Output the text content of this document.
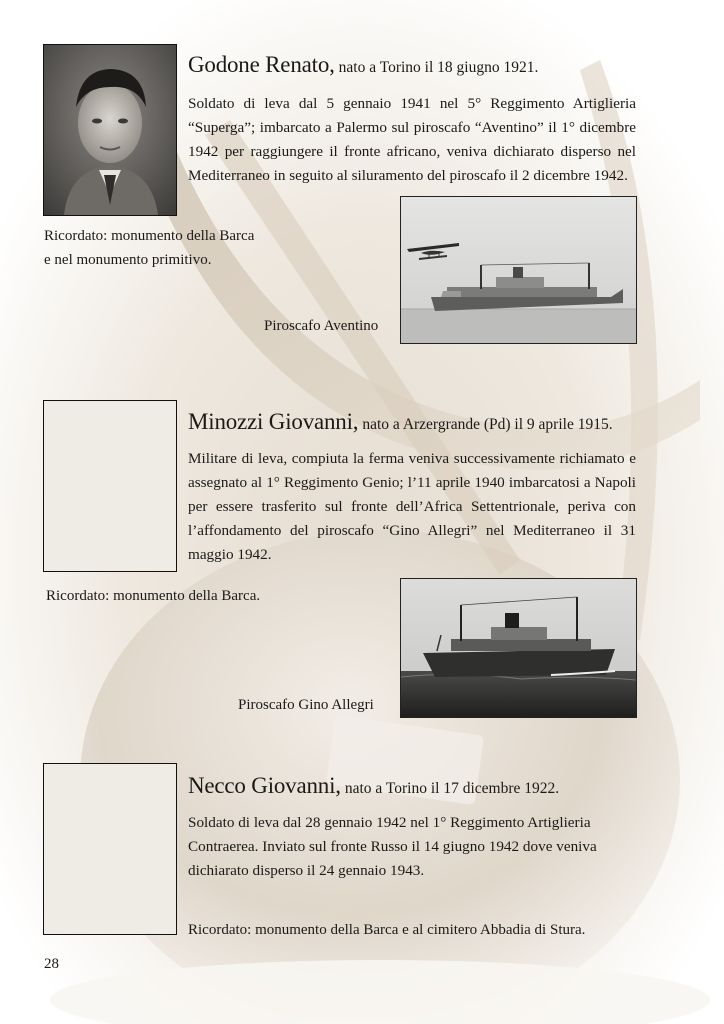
Godone Renato, nato a Torino il 18 giugno 1921.
Soldato di leva dal 5 gennaio 1941 nel 5° Reggimento Artiglieria “Superga”; imbarcato a Palermo sul piroscafo “Aventino” il 1° dicembre 1942 per raggiungere il fronte africano, veniva dichiarato disperso nel Mediterraneo in seguito al siluramento del piroscafo il 2 dicembre 1942.
Ricordato: monumento della Barca
e nel monumento primitivo.
Piroscafo Aventino
Minozzi Giovanni, nato a Arzergrande (Pd) il 9 aprile 1915.
Militare di leva, compiuta la ferma veniva successivamente richiamato e assegnato al 1° Reggimento Genio; l’11 aprile 1940 imbarcatosi a Napoli per essere trasferito sul fronte dell’Africa Settentrionale, periva con l’affondamento del piroscafo “Gino Allegri” nel Mediterraneo il 31 maggio 1942.
Ricordato: monumento della Barca.
Piroscafo Gino Allegri
Necco Giovanni, nato a Torino il 17 dicembre 1922.
Soldato di leva dal 28 gennaio 1942 nel 1° Reggimento Artiglieria Contraerea. Inviato sul fronte Russo il 14 giugno 1942 dove veniva dichiarato disperso il 24 gennaio 1943.
Ricordato: monumento della Barca e al cimitero Abbadia di Stura.
28
